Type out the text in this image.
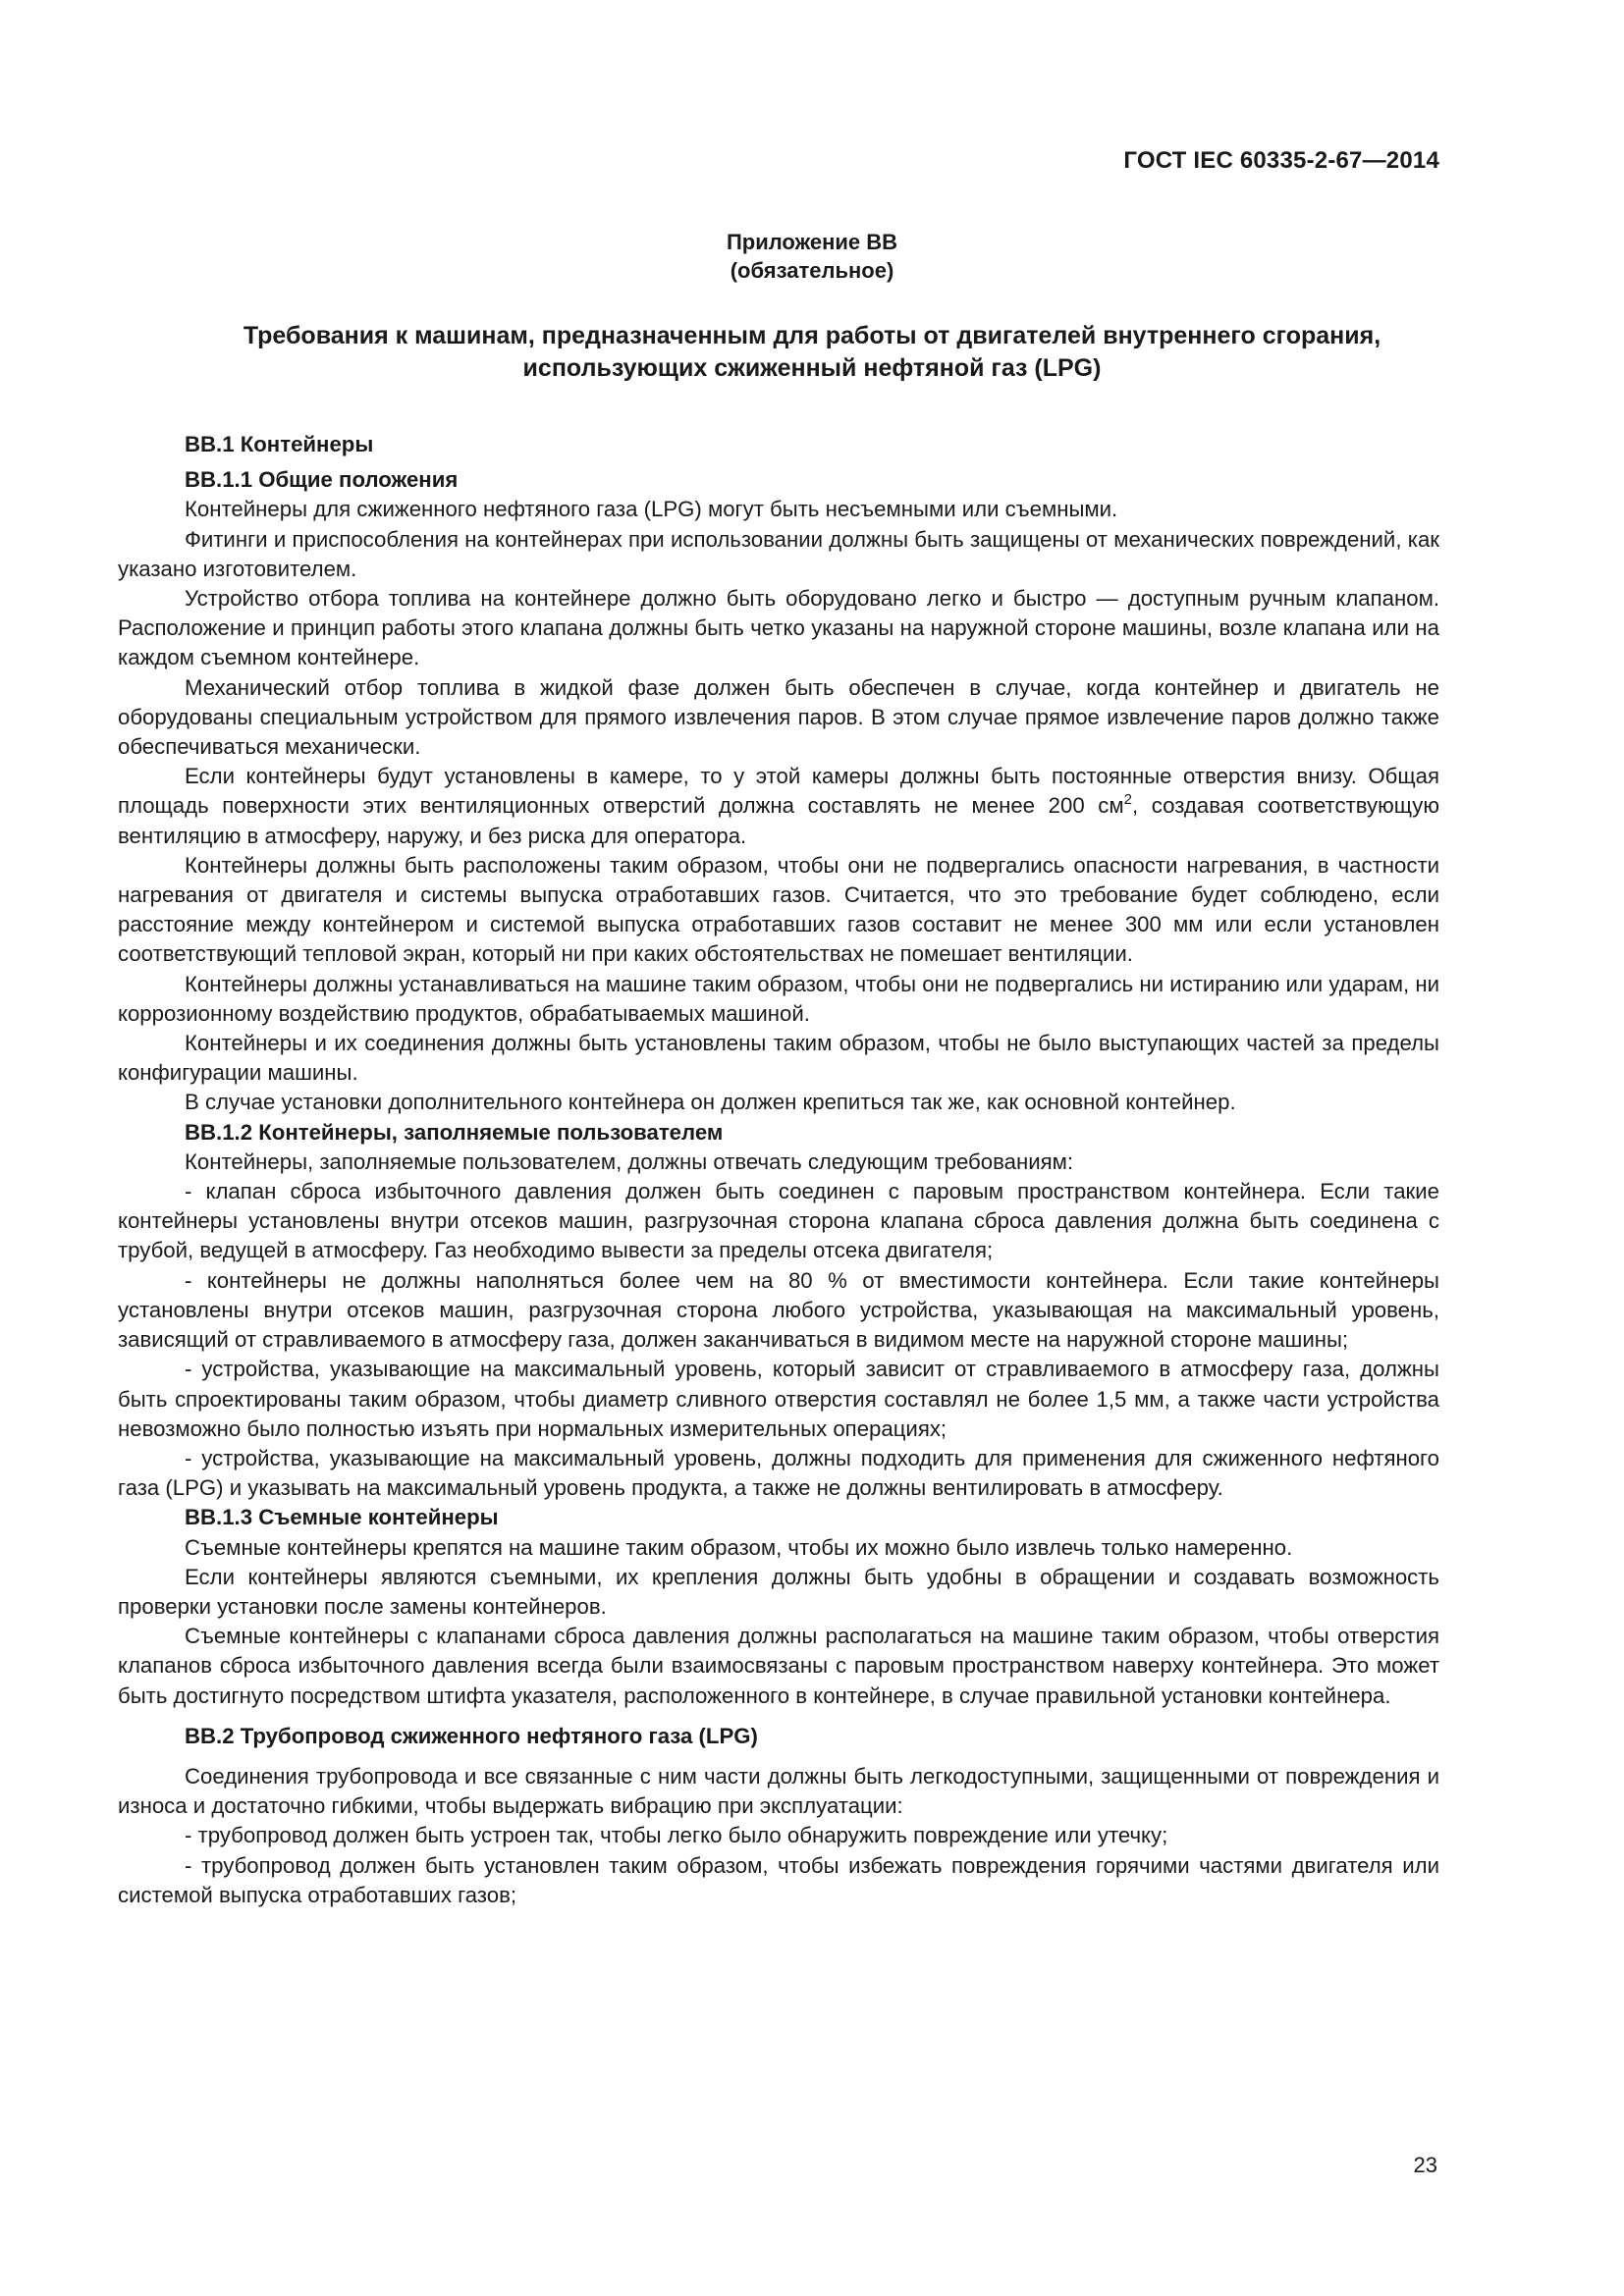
ГОСТ IEC 60335-2-67—2014
Приложение ВВ
(обязательное)
Требования к машинам, предназначенным для работы от двигателей внутреннего сгорания,
использующих сжиженный нефтяной газ (LPG)

ВВ.1 Контейнеры

ВВ.1.1 Общие положения

Контейнеры для сжиженного нефтяного газа (LPG) могут быть несъемными или съемными.

Фитинги и приспособления на контейнерах при использовании должны быть защищены от механических повреждений, как указано изготовителем.

Устройство отбора топлива на контейнере должно быть оборудовано легко и быстро — доступным ручным клапаном. Расположение и принцип работы этого клапана должны быть четко указаны на наружной стороне машины, возле клапана или на каждом съемном контейнере.

Механический отбор топлива в жидкой фазе должен быть обеспечен в случае, когда контейнер и двигатель не оборудованы специальным устройством для прямого извлечения паров. В этом случае прямое извлечение паров должно также обеспечиваться механически.

Если контейнеры будут установлены в камере, то у этой камеры должны быть постоянные отверстия внизу. Общая площадь поверхности этих вентиляционных отверстий должна составлять не менее 200 $см^2$, создавая соответствующую вентиляцию в атмосферу, наружу, и без риска для оператора.

Контейнеры должны быть расположены таким образом, чтобы они не подвергались опасности нагревания, в частности нагревания от двигателя и системы выпуска отработавших газов. Считается, что это требование будет соблюдено, если расстояние между контейнером и системой выпуска отработавших газов составит не менее 300 мм или если установлен соответствующий тепловой экран, который ни при каких обстоятельствах не помешает вентиляции.

Контейнеры должны устанавливаться на машине таким образом, чтобы они не подвергались ни истиранию или ударам, ни коррозионному воздействию продуктов, обрабатываемых машиной.

Контейнеры и их соединения должны быть установлены таким образом, чтобы не было выступающих частей за пределы конфигурации машины.

В случае установки дополнительного контейнера он должен крепиться так же, как основной контейнер.

ВВ.1.2 Контейнеры, заполняемые пользователем

Контейнеры, заполняемые пользователем, должны отвечать следующим требованиям:

- клапан сброса избыточного давления должен быть соединен с паровым пространством контейнера. Если такие контейнеры установлены внутри отсеков машин, разгрузочная сторона клапана сброса давления должна быть соединена с трубой, ведущей в атмосферу. Газ необходимо вывести за пределы отсека двигателя;

- контейнеры не должны наполняться более чем на 80 % от вместимости контейнера. Если такие контейнеры установлены внутри отсеков машин, разгрузочная сторона любого устройства, указывающая на максимальный уровень, зависящий от стравливаемого в атмосферу газа, должен заканчиваться в видимом месте на наружной стороне машины;

- устройства, указывающие на максимальный уровень, который зависит от стравливаемого в атмосферу газа, должны быть спроектированы таким образом, чтобы диаметр сливного отверстия составлял не более 1,5 мм, а также части устройства невозможно было полностью изъять при нормальных измерительных операциях;

- устройства, указывающие на максимальный уровень, должны подходить для применения для сжиженного нефтяного газа (LPG) и указывать на максимальный уровень продукта, а также не должны вентилировать в атмосферу.

ВВ.1.3 Съемные контейнеры

Съемные контейнеры крепятся на машине таким образом, чтобы их можно было извлечь только намеренно.

Если контейнеры являются съемными, их крепления должны быть удобны в обращении и создавать возможность проверки установки после замены контейнеров.

Съемные контейнеры с клапанами сброса давления должны располагаться на машине таким образом, чтобы отверстия клапанов сброса избыточного давления всегда были взаимосвязаны с паровым пространством наверху контейнера. Это может быть достигнуто посредством штифта указателя, расположенного в контейнере, в случае правильной установки контейнера.

ВВ.2 Трубопровод сжиженного нефтяного газа (LPG)

Соединения трубопровода и все связанные с ним части должны быть легкодоступными, защищенными от повреждения и износа и достаточно гибкими, чтобы выдержать вибрацию при эксплуатации:

- трубопровод должен быть устроен так, чтобы легко было обнаружить повреждение или утечку;

- трубопровод должен быть установлен таким образом, чтобы избежать повреждения горячими частями двигателя или системой выпуска отработавших газов;

23
